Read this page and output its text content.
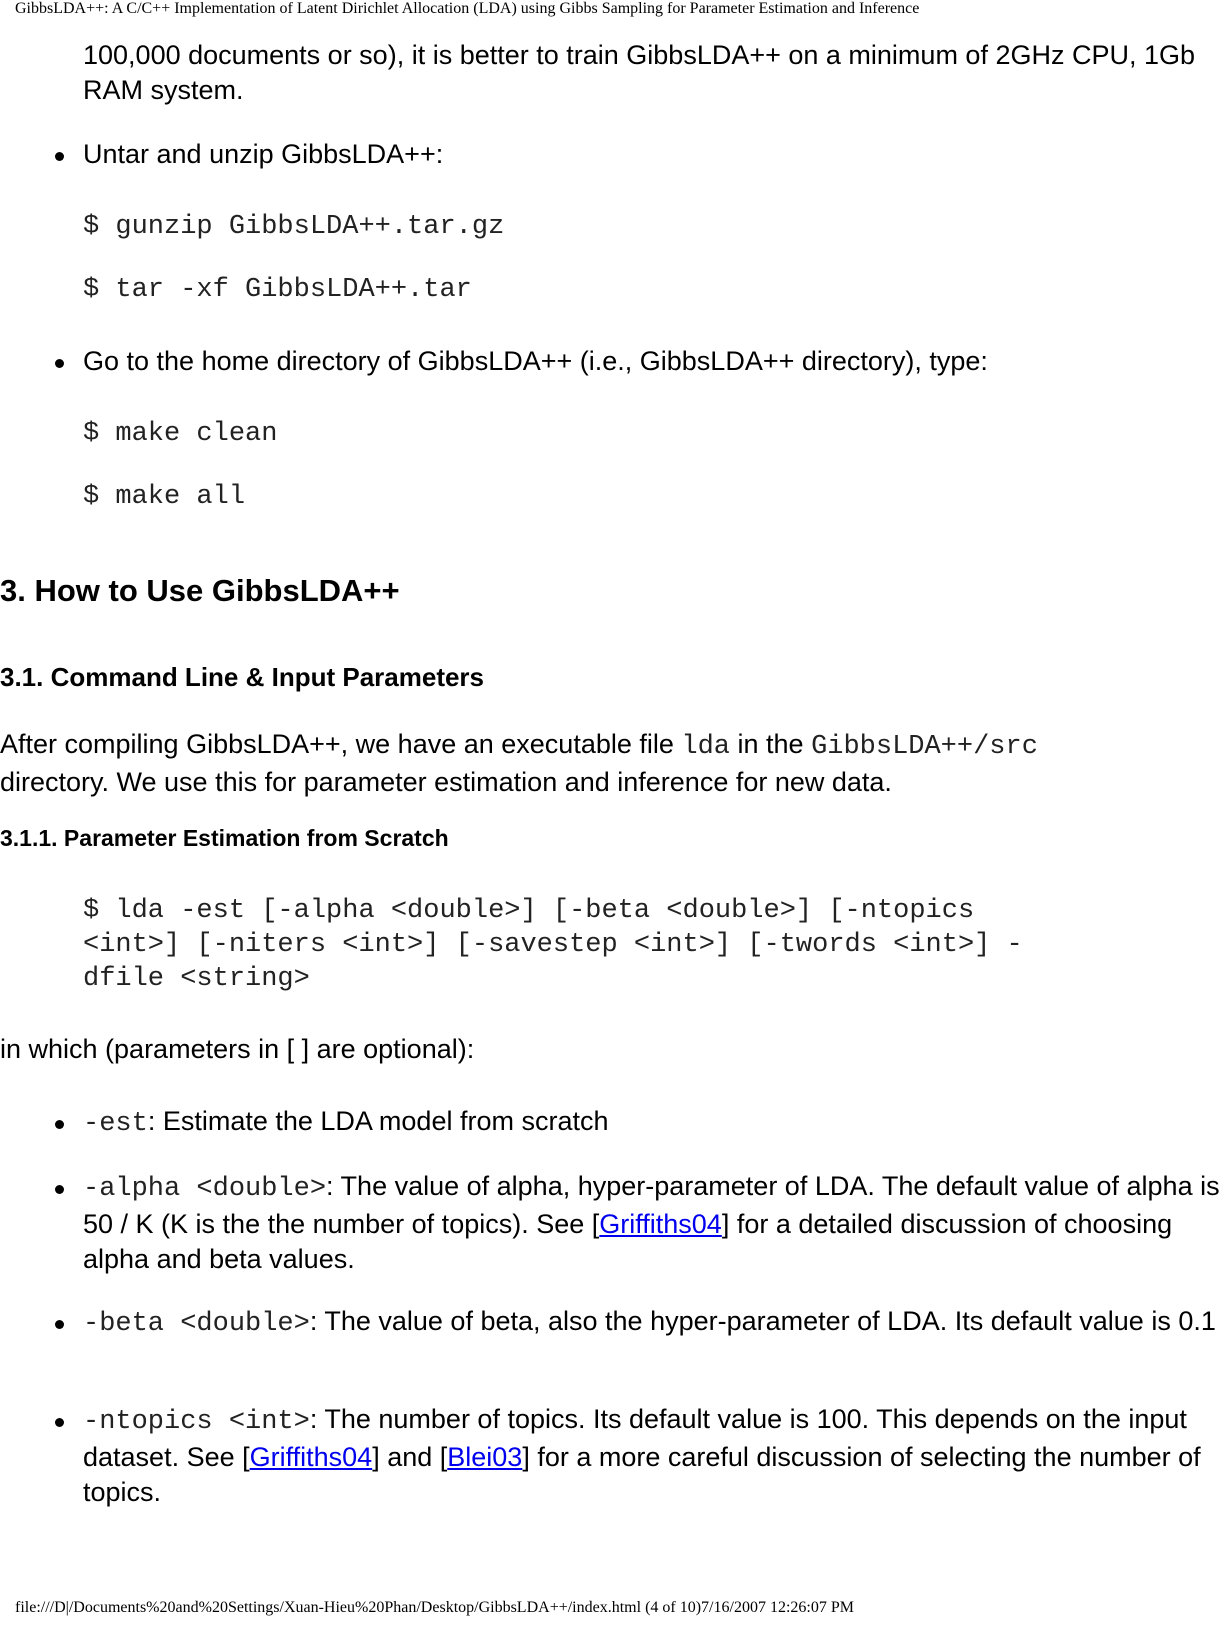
GibbsLDA++: A C/C++ Implementation of Latent Dirichlet Allocation (LDA) using Gibbs Sampling for Parameter Estimation and Inference
100,000 documents or so), it is better to train GibbsLDA++ on a minimum of 2GHz CPU, 1Gb RAM system.
Untar and unzip GibbsLDA++:
$ gunzip GibbsLDA++.tar.gz
$ tar -xf GibbsLDA++.tar
Go to the home directory of GibbsLDA++ (i.e., GibbsLDA++ directory), type:
$ make clean
$ make all
3. How to Use GibbsLDA++
3.1. Command Line & Input Parameters
After compiling GibbsLDA++, we have an executable file lda in the GibbsLDA++/src directory. We use this for parameter estimation and inference for new data.
3.1.1. Parameter Estimation from Scratch
$ lda -est [-alpha <double>] [-beta <double>] [-ntopics
<int>] [-niters <int>] [-savestep <int>] [-twords <int>] -
dfile <string>
in which (parameters in [ ] are optional):
-est: Estimate the LDA model from scratch
-alpha <double>: The value of alpha, hyper-parameter of LDA. The default value of alpha is 50 / K (K is the the number of topics). See [Griffiths04] for a detailed discussion of choosing alpha and beta values.
-beta <double>: The value of beta, also the hyper-parameter of LDA. Its default value is 0.1
-ntopics <int>: The number of topics. Its default value is 100. This depends on the input dataset. See [Griffiths04] and [Blei03] for a more careful discussion of selecting the number of topics.
file:///D|/Documents%20and%20Settings/Xuan-Hieu%20Phan/Desktop/GibbsLDA++/index.html (4 of 10)7/16/2007 12:26:07 PM
